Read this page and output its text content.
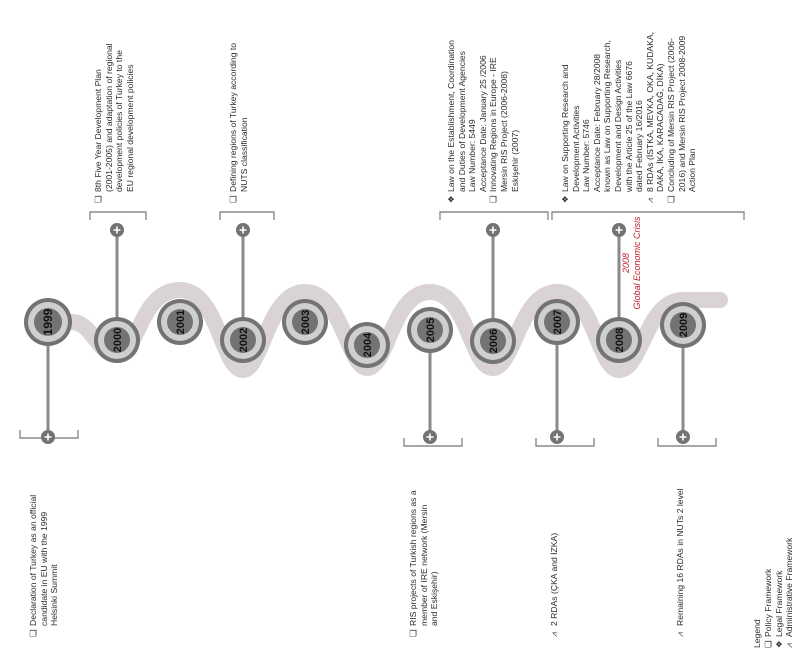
1999
2000
2001
2002
2003
2004
2005	2006
2007
2008
2009
❑Declaration of Turkey as an official candidate in EU with the 1999 Helsinki Summit
❑8th Five Year Development Plan (2001-2005) and adaptation of regional development policies of Turkey to the EU regional development policies
❑Defining regions of Turkey according to NUTS classification
❑RIS projects of Turkish regions as a member of IRE network (Mersin and Eskişehir)
❖Law on the Establishment, Coordination and Duties of Development Agencies Law Number: 5449 Acceptance Date: January 25 /2006
❑Innovating Regions in Europe - IRE Mersin RIS Project (2006-2008) Eskişehir (2007)
⩘2 RDAs (ÇKA and İZKA)
❖Law on Supporting Research and Development Activities Law Number: 5746 Acceptance Date: February 28/2008 known as Law on Supporting Research, Development and Design Activities with the Article 25 of the Law 6676 dated February 16/2016
⩘8 RDAs (İSTKA, MEVKA, OKA, KUDAKA, DAKA, İKA, KARACADAĞ, DİKA)
❑Concluding of Mersin RIS Project (2006- 2016) and Mersin RIS Project 2008-2009 Action Plan
⩘Remaining 16 RDAs in NUTs 2 level
2008 Global Economic Crisis
Legend ❑Policy Framework
❖Legal Framework
⩘Administrative Framework
